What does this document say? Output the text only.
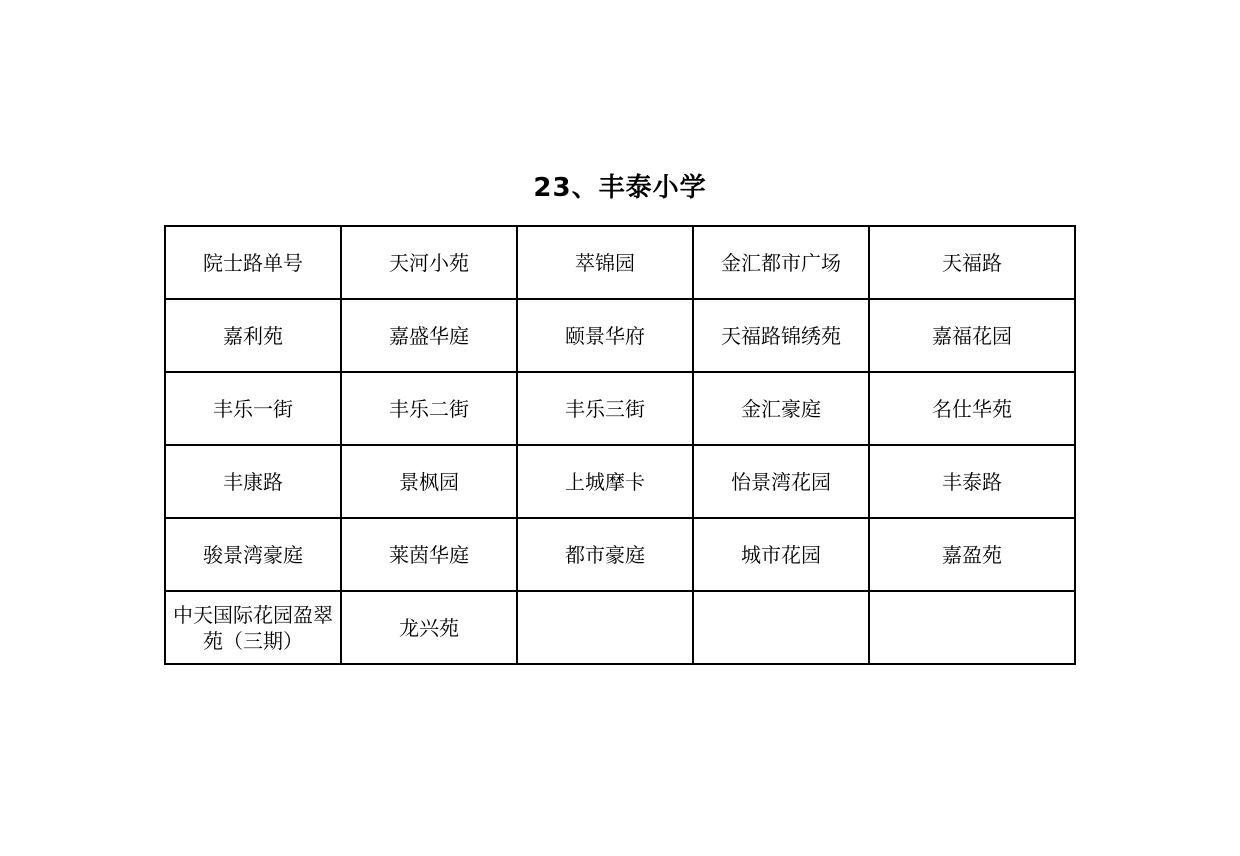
23、丰泰小学
院士路单号	天河小苑	萃锦园	金汇都市广场	天福路
嘉利苑	嘉盛华庭	颐景华府	天福路锦绣苑	嘉福花园
丰乐一街	丰乐二街	丰乐三街	金汇豪庭	名仕华苑
丰康路	景枫园	上城摩卡	怡景湾花园	丰泰路
骏景湾豪庭	莱茵华庭	都市豪庭	城市花园	嘉盈苑
中天国际花园盈翠苑（三期）	龙兴苑			
